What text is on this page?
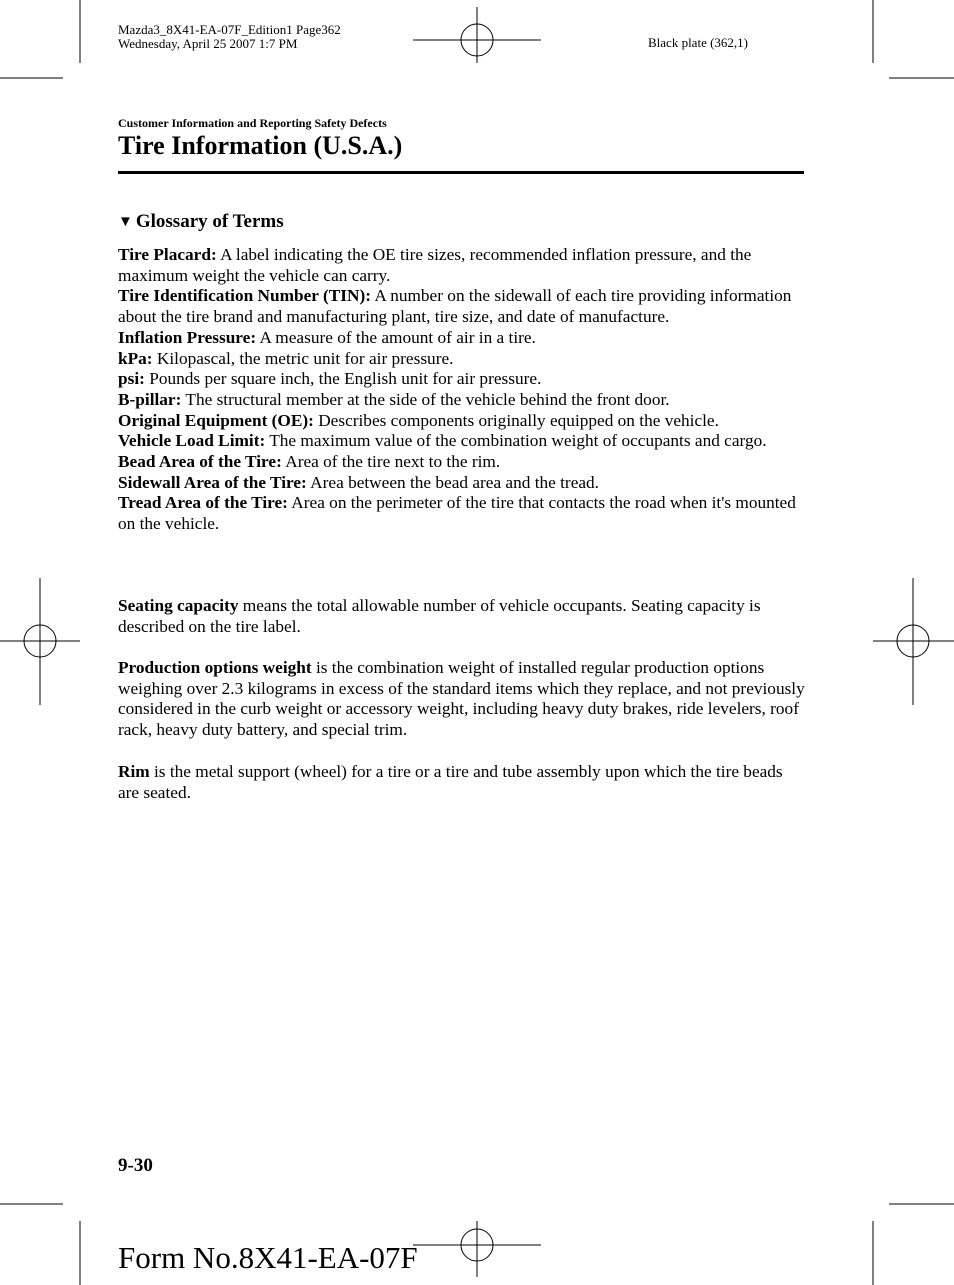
Mazda3_8X41-EA-07F_Edition1 Page362
Wednesday, April 25 2007 1:7 PM	Black plate (362,1)
Customer Information and Reporting Safety Defects
Tire Information (U.S.A.)
▼ Glossary of Terms

Tire Placard: A label indicating the OE tire sizes, recommended inflation pressure, and the maximum weight the vehicle can carry.

Tire Identification Number (TIN): A number on the sidewall of each tire providing information about the tire brand and manufacturing plant, tire size, and date of manufacture.

Inflation Pressure: A measure of the amount of air in a tire.

kPa: Kilopascal, the metric unit for air pressure.

psi: Pounds per square inch, the English unit for air pressure.

B-pillar: The structural member at the side of the vehicle behind the front door.

Original Equipment (OE): Describes components originally equipped on the vehicle.

Vehicle Load Limit: The maximum value of the combination weight of occupants and cargo.

Bead Area of the Tire: Area of the tire next to the rim.

Sidewall Area of the Tire: Area between the bead area and the tread.

Tread Area of the Tire: Area on the perimeter of the tire that contacts the road when it's mounted on the vehicle.

Seating capacity means the total allowable number of vehicle occupants. Seating capacity is described on the tire label.

Production options weight is the combination weight of installed regular production options weighing over 2.3 kilograms in excess of the standard items which they replace, and not previously considered in the curb weight or accessory weight, including heavy duty brakes, ride levelers, roof rack, heavy duty battery, and special trim.

Rim is the metal support (wheel) for a tire or a tire and tube assembly upon which the tire beads are seated.

9-30
Form No.8X41-EA-07F
